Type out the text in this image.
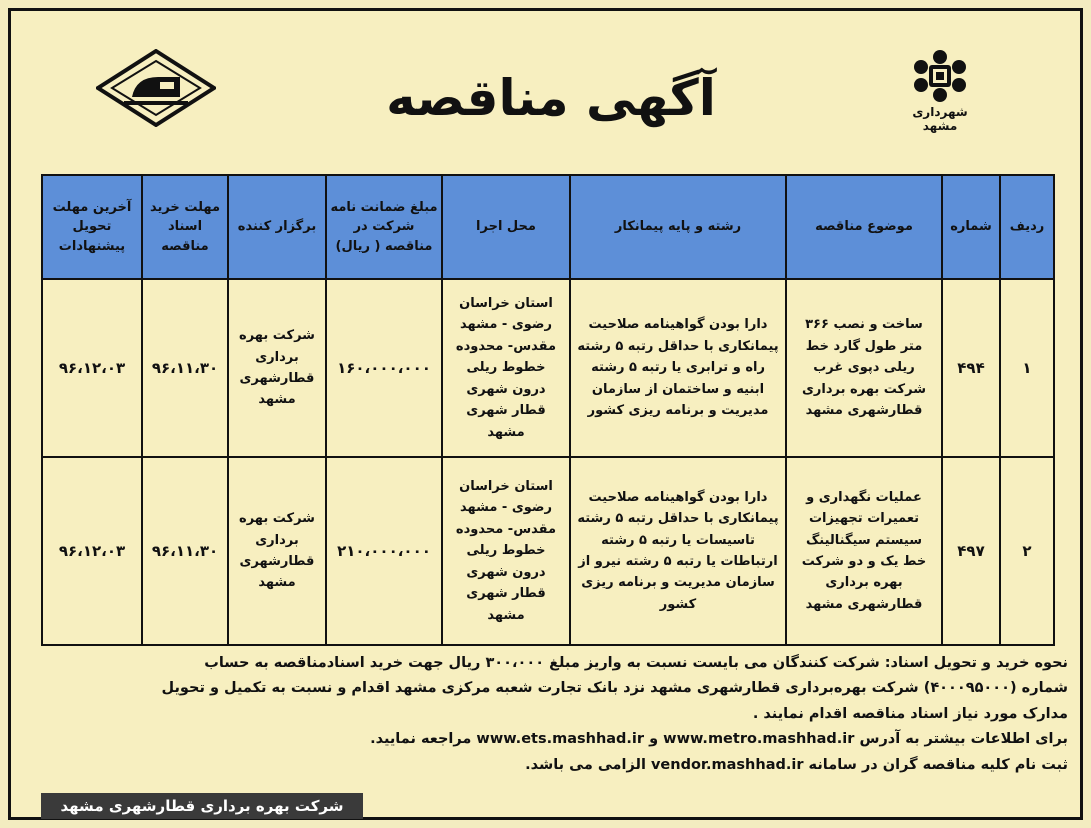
شهرداری مشهد
آگهی مناقصه
ردیف	شماره	موضوع مناقصه	رشته و پایه پیمانکار	محل اجرا	مبلغ ضمانت نامه شرکت در مناقصه ( ریال)	برگزار کننده	مهلت خرید اسناد مناقصه	آخرین مهلت تحویل پیشنهادات
۱	۴۹۴	ساخت و نصب ۳۶۶ متر طول گارد خط ریلی دپوی غرب شرکت بهره برداری قطارشهری مشهد	دارا بودن گواهینامه صلاحیت پیمانکاری با حداقل رتبه ۵ رشته راه و ترابری یا رتبه ۵ رشته ابنیه و ساختمان از سازمان مدیریت و برنامه ریزی کشور	استان خراسان رضوی - مشهد مقدس- محدوده خطوط ریلی درون شهری قطار شهری مشهد	۱۶۰،۰۰۰،۰۰۰	شرکت بهره برداری قطارشهری مشهد	۹۶،۱۱،۳۰	۹۶،۱۲،۰۳
۲	۴۹۷	عملیات نگهداری و تعمیرات تجهیزات سیستم سیگنالینگ خط یک و دو شرکت بهره برداری قطارشهری مشهد	دارا بودن گواهینامه صلاحیت پیمانکاری با حداقل رتبه ۵ رشته تاسیسات یا رتبه ۵ رشته ارتباطات یا رتبه ۵ رشته نیرو از سازمان مدیریت و برنامه ریزی کشور	استان خراسان رضوی - مشهد مقدس- محدوده خطوط ریلی درون شهری قطار شهری مشهد	۲۱۰،۰۰۰،۰۰۰	شرکت بهره برداری قطارشهری مشهد	۹۶،۱۱،۳۰	۹۶،۱۲،۰۳

نحوه خرید و تحویل اسناد: شرکت کنندگان می بایست نسبت به واریز مبلغ ۳۰۰،۰۰۰ ریال جهت خرید اسنادمناقصه به حساب

شماره (۴۰۰۰۹۵۰۰۰) شرکت بهره‌برداری قطارشهری مشهد نزد بانک تجارت شعبه مرکزی مشهد اقدام و نسبت به تکمیل و تحویل

مدارک مورد نیاز اسناد مناقصه اقدام نمایند .

برای اطلاعات بیشتر به آدرس www.metro.mashhad.ir و www.ets.mashhad.ir مراجعه نمایید.

ثبت نام کلیه مناقصه گران در سامانه vendor.mashhad.ir الزامی می باشد.

شرکت بهره برداری قطارشهری مشهد
